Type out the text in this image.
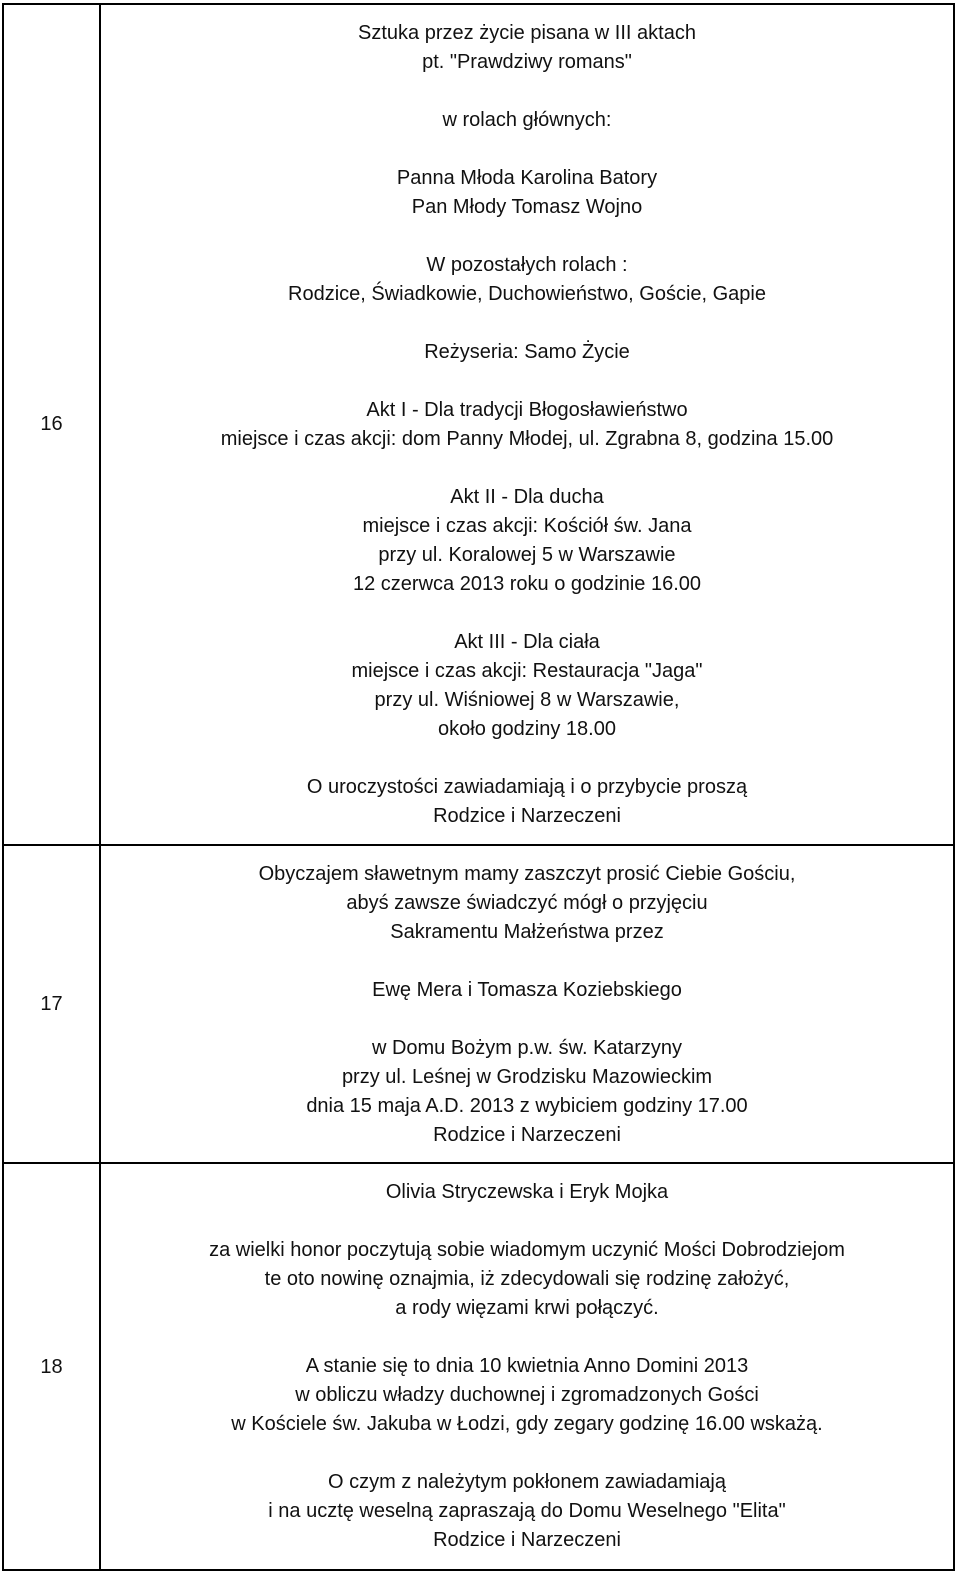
16
17
18
Sztuka przez życie pisana w III aktach
pt. "Prawdziwy romans"
w rolach głównych:
Panna Młoda Karolina Batory
Pan Młody Tomasz Wojno
W pozostałych rolach :
Rodzice, Świadkowie, Duchowieństwo, Goście, Gapie
Reżyseria: Samo Życie
Akt I - Dla tradycji Błogosławieństwo
miejsce i czas akcji: dom Panny Młodej, ul. Zgrabna 8, godzina 15.00
Akt II - Dla ducha
miejsce i czas akcji: Kościół św. Jana
przy ul. Koralowej 5 w Warszawie
12 czerwca 2013 roku o godzinie 16.00
Akt III - Dla ciała
miejsce i czas akcji: Restauracja "Jaga"
przy ul. Wiśniowej 8 w Warszawie,
około godziny 18.00
O uroczystości zawiadamiają i o przybycie proszą
Rodzice i Narzeczeni
Obyczajem sławetnym mamy zaszczyt prosić Ciebie Gościu,
abyś zawsze świadczyć mógł o przyjęciu
Sakramentu Małżeństwa przez
Ewę Mera i Tomasza Koziebskiego
w Domu Bożym p.w. św. Katarzyny
przy ul. Leśnej w Grodzisku Mazowieckim
dnia 15 maja A.D. 2013 z wybiciem godziny 17.00
Rodzice i Narzeczeni
Olivia Stryczewska i Eryk Mojka
za wielki honor poczytują sobie wiadomym uczynić Mości Dobrodziejom
te oto nowinę oznajmia, iż zdecydowali się rodzinę założyć,
a rody więzami krwi połączyć.
A stanie się to dnia 10 kwietnia Anno Domini 2013
w obliczu władzy duchownej i zgromadzonych Gości
w Kościele św. Jakuba w Łodzi, gdy zegary godzinę 16.00 wskażą.
O czym z należytym pokłonem zawiadamiają
i na ucztę weselną zapraszają do Domu Weselnego "Elita"
Rodzice i Narzeczeni
